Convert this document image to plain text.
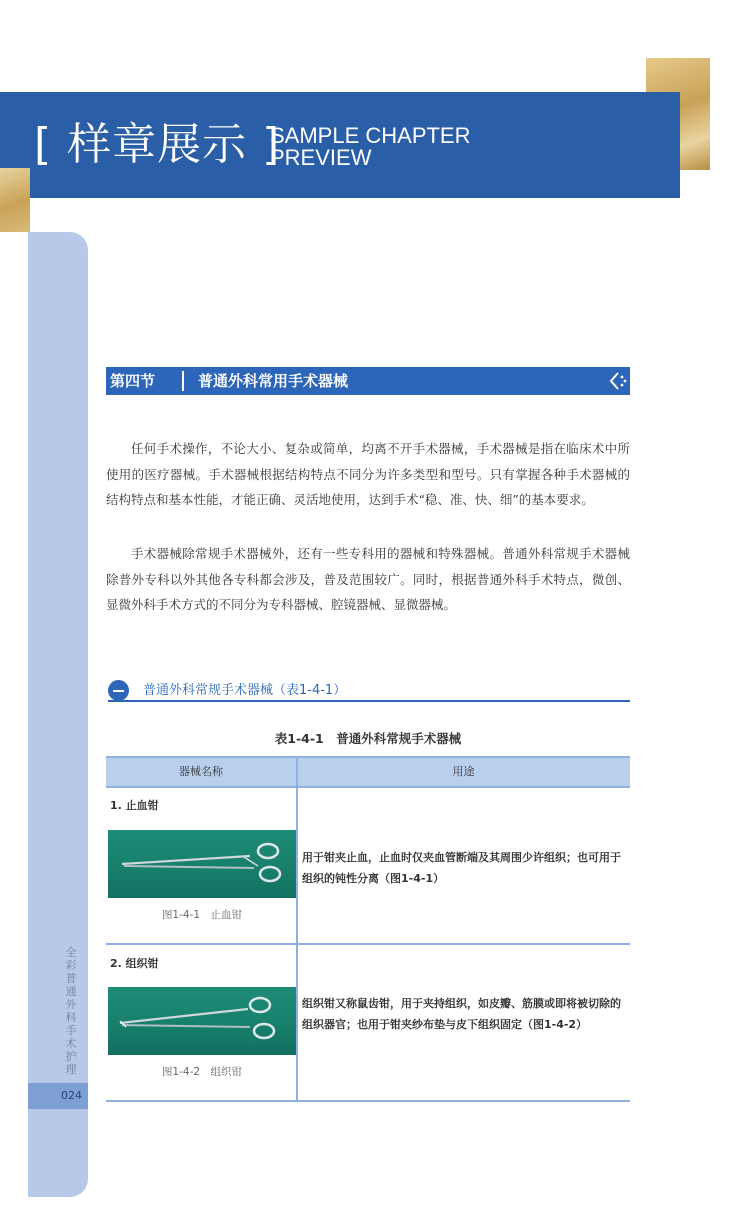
[ 样章展示 ]
SAMPLE CHAPTER
PREVIEW
全彩普通外科手术护理
024
第四节	普通外科常用手术器械

任何手术操作，不论大小、复杂或简单，均离不开手术器械，手术器械是指在临床术中所使用的医疗器械。手术器械根据结构特点不同分为许多类型和型号。只有掌握各种手术器械的结构特点和基本性能，才能正确、灵活地使用，达到手术“稳、准、快、细”的基本要求。

手术器械除常规手术器械外，还有一些专科用的器械和特殊器械。普通外科常规手术器械除普外专科以外其他各专科都会涉及，普及范围较广。同时，根据普通外科手术特点，微创、显微外科手术方式的不同分为专科器械、腔镜器械、显微器械。

普通外科常规手术器械（表1-4-1）
表1-4-1　普通外科常规手术器械
器械名称	用途
1. 止血钳
图1-4-1　止血钳

用于钳夹止血，止血时仅夹血管断端及其周围少许组织；也可用于组织的钝性分离（图1-4-1）

2. 组织钳
图1-4-2　组织钳

组织钳又称鼠齿钳，用于夹持组织，如皮瓣、筋膜或即将被切除的组织器官；也用于钳夹纱布垫与皮下组织固定（图1-4-2）
